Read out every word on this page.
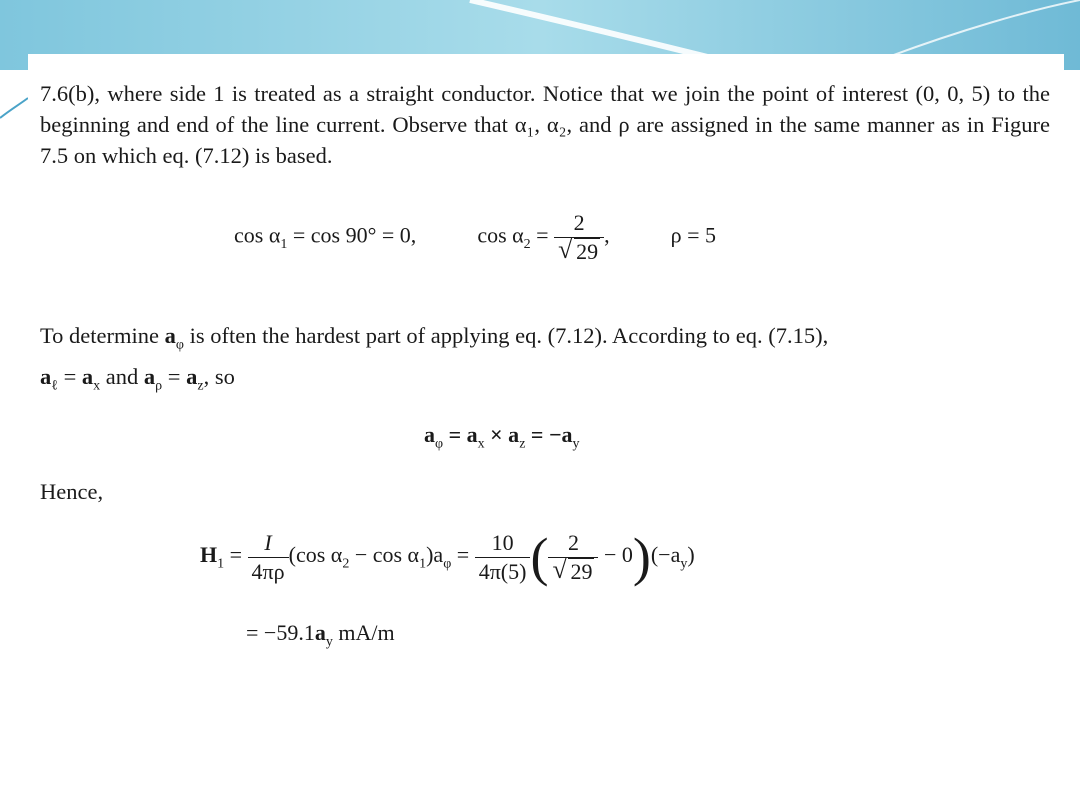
7.6(b), where side 1 is treated as a straight conductor. Notice that we join the point of interest (0, 0, 5) to the beginning and end of the line current. Observe that α₁, α₂, and ρ are assigned in the same manner as in Figure 7.5 on which eq. (7.12) is based.
$\cos \alpha_1 = \cos 90^\circ = 0$,	$\cos \alpha_2 = \frac{2}{√ 29}$ ,	ρ = 5
To determine $a_\varphi$ is often the hardest part of applying eq. (7.12). According to eq. (7.15),
$a_\ell = a_x$ and $a_\rho = a_z$, so
$a_\varphi = a_x \times a_z = -a_y$
Hence,
$H_1 = \frac{I}{4\pi\rho} (\cos$ $\alpha_2 - \cos \alpha_1)a_\varphi = \frac{10}{4\pi(5)}$ ( $\frac{2}{√ 29} - 0)(-a_y)$
= $-59.1a_y$ mA/m
